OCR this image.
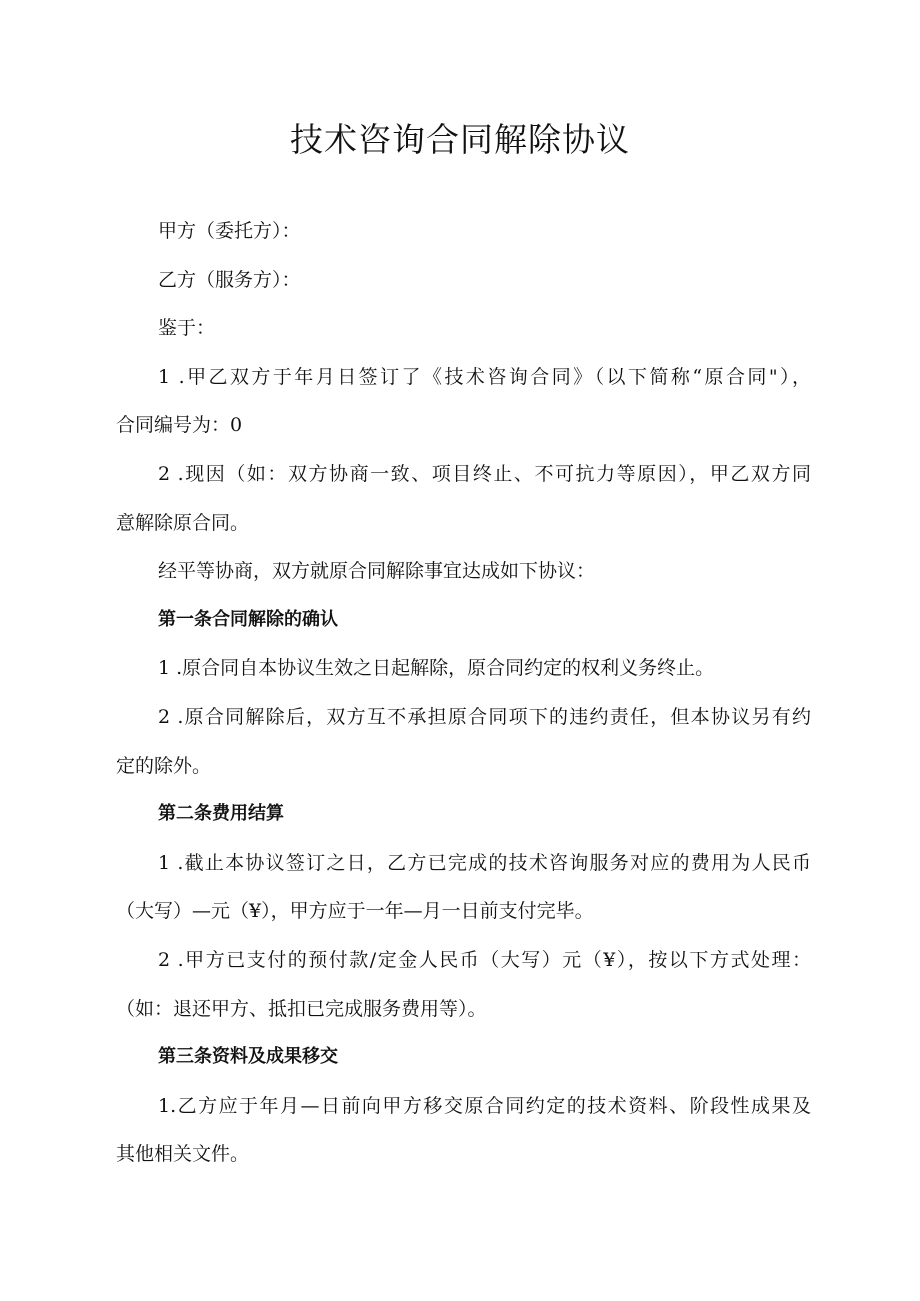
技术咨询合同解除协议
甲方（委托方）：
乙方（服务方）：
鉴于：
1 .甲乙双方于年月日签订了《技术咨询合同》（以下简称“原合同"），
合同编号为：0
2 .现因（如：双方协商一致、项目终止、不可抗力等原因），甲乙双方同
意解除原合同。
经平等协商，双方就原合同解除事宜达成如下协议：
第一条合同解除的确认
1 .原合同自本协议生效之日起解除，原合同约定的权利义务终止。
2 .原合同解除后，双方互不承担原合同项下的违约责任，但本协议另有约
定的除外。
第二条费用结算
1 .截止本协议签订之日，乙方已完成的技术咨询服务对应的费用为人民币
（大写）—元（¥），甲方应于一年—月一日前支付完毕。
2 .甲方已支付的预付款/定金人民币（大写）元（¥），按以下方式处理：
（如：退还甲方、抵扣已完成服务费用等）。
第三条资料及成果移交
1.乙方应于年月—日前向甲方移交原合同约定的技术资料、阶段性成果及
其他相关文件。
